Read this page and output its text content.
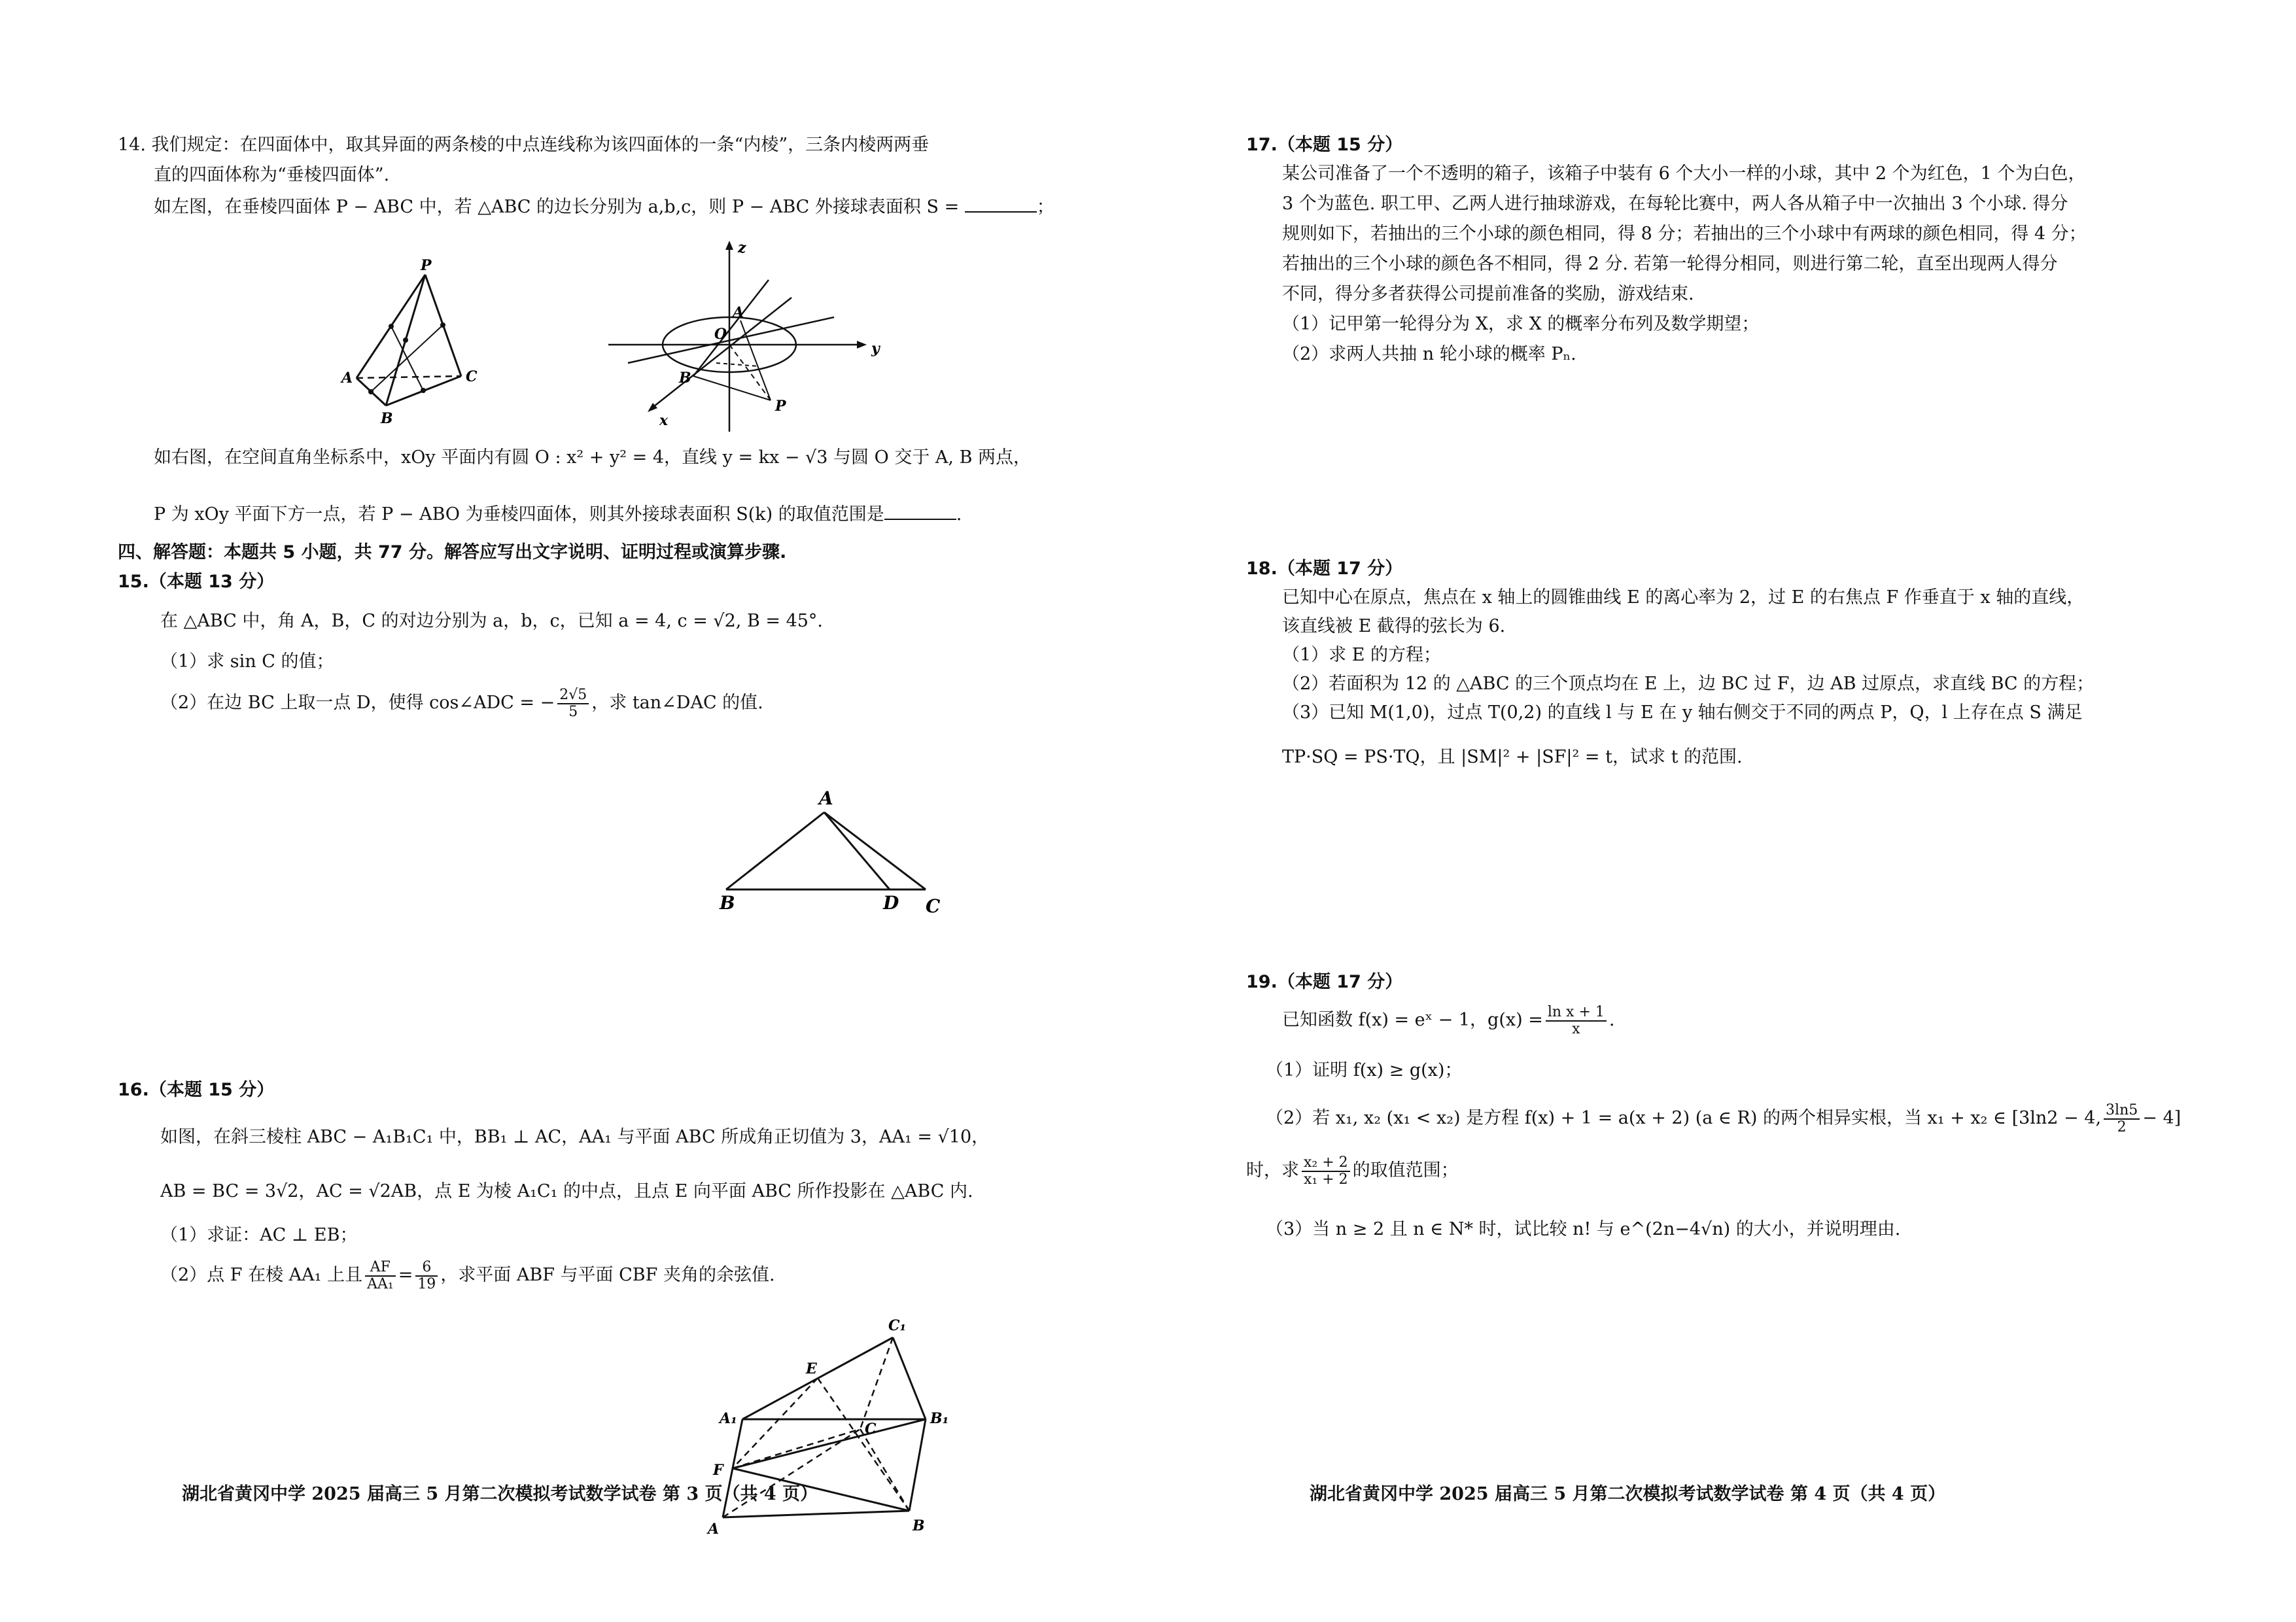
14. 我们规定：在四面体中，取其异面的两条棱的中点连线称为该四面体的一条“内棱”，三条内棱两两垂
直的四面体称为“垂棱四面体”.
如左图，在垂棱四面体 P − ABC 中，若 △ABC 的边长分别为 a,b,c，则 P − ABC 外接球表面积 S =	；
P
A
B
C
z
A
O
B
y
x
P
如右图，在空间直角坐标系中，xOy 平面内有圆 O : x² + y² = 4，直线 y = kx − √3 与圆 O 交于 A, B 两点，
P 为 xOy 平面下方一点，若 P − ABO 为垂棱四面体，则其外接球表面积 S(k) 的取值范围是	.
四、解答题：本题共 5 小题，共 77 分。解答应写出文字说明、证明过程或演算步骤.
15.（本题 13 分）
在 △ABC 中，角 A，B，C 的对边分别为 a，b，c，已知 a = 4, c = √2, B = 45°.
（1）求 sin C 的值；
（2）在边 BC 上取一点 D，使得 cos∠ADC = − $\frac{2√5}{5}$ ，求 tan∠DAC 的值.
A
B	D C
16.（本题 15 分）
如图，在斜三棱柱 ABC − A₁B₁C₁ 中，BB₁ ⊥ AC，AA₁ 与平面 ABC 所成角正切值为 3，AA₁ = √10，
AB = BC = 3√2，AC = √2AB，点 E 为棱 A₁C₁ 的中点，且点 E 向平面 ABC 所作投影在 △ABC 内.
（1）求证：AC ⊥ EB；
（2）点 F 在棱 AA₁ 上且 $\frac{AF}{\text{AA₁}} = \frac{6}{19}$ ，求平面 ABF 与平面 CBF 夹角的余弦值.
C₁
E
A₁
C
B₁
F
A	B
湖北省黄冈中学 2025 届高三 5 月第二次模拟考试数学试卷 第 3 页（共 4 页）
17.（本题 15 分）
某公司准备了一个不透明的箱子，该箱子中装有 6 个大小一样的小球，其中 2 个为红色，1 个为白色，
3 个为蓝色. 职工甲、乙两人进行抽球游戏，在每轮比赛中，两人各从箱子中一次抽出 3 个小球. 得分
规则如下，若抽出的三个小球的颜色相同，得 8 分；若抽出的三个小球中有两球的颜色相同，得 4 分；
若抽出的三个小球的颜色各不相同，得 2 分. 若第一轮得分相同，则进行第二轮，直至出现两人得分
不同，得分多者获得公司提前准备的奖励，游戏结束.
（1）记甲第一轮得分为 X，求 X 的概率分布列及数学期望；
（2）求两人共抽 n 轮小球的概率 Pₙ.
18.（本题 17 分）
已知中心在原点，焦点在 x 轴上的圆锥曲线 E 的离心率为 2，过 E 的右焦点 F 作垂直于 x 轴的直线，
该直线被 E 截得的弦长为 6.
（1）求 E 的方程；
（2）若面积为 12 的 △ABC 的三个顶点均在 E 上，边 BC 过 F，边 AB 过原点，求直线 BC 的方程；
（3）已知 M(1,0)，过点 T(0,2) 的直线 l 与 E 在 y 轴右侧交于不同的两点 P，Q，l 上存在点 S 满足
TP·SQ = PS·TQ，且 |SM|² + |SF|² = t，试求 t 的范围.
19.（本题 17 分）
已知函数 f(x) = eˣ − 1，$g(x) = \frac{\text{ln x + 1}}{x}$ .
（1）证明 f(x) ≥ g(x)；
（2）若 x₁, x₂ (x₁ < x₂) 是方程 f(x) + 1 = a(x + 2) (a ∈ R) 的两个相异实根，当 x₁ + x₂ ∈ [3ln2 − 4, $\frac{3\ln 5}{2} - 4$]
时，求 $\frac{\text{x₂ + 2}}{\text{x₁ + 2}}$ 的取值范围；
（3）当 n ≥ 2 且 n ∈ N* 时，试比较 n! 与 e^(2n−4√n) 的大小，并说明理由.
湖北省黄冈中学 2025 届高三 5 月第二次模拟考试数学试卷 第 4 页（共 4 页）
